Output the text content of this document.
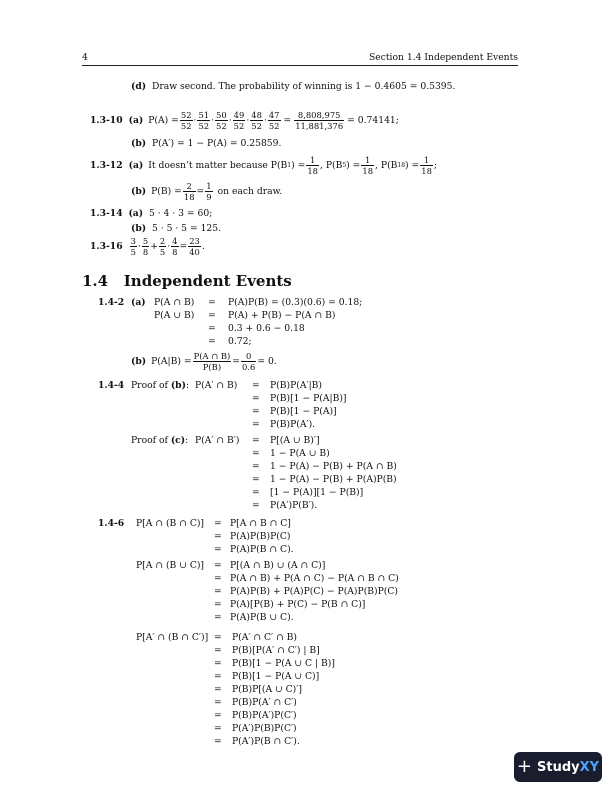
4	Section 1.4 Independent Events
(d) Draw second. The probability of winning is 1 − 0.4605 = 0.5395.
1.3-10 (a) $P(A) = \frac{52}{52} \cdot \frac{51}{52} \cdot \frac{50}{52} \cdot \frac{49}{52} \cdot \frac{48}{52} \cdot \frac{47}{52} = \frac{8,808,975}{11,881,376} = 0.74141$;
(b) P(A′) = 1 − P(A) = 0.25859.
1.3-12 (a) It doesn’t matter because P(B 1 ) = $\frac{1}{18}$ , P(B 5 ) = $\frac{1}{18}$ , P(B 18 ) = $\frac{1}{18}$ ;
(b) $P(B) = \frac{2}{18} = \frac{1}{9}$ on each draw.
1.3-14 (a) 5 · 4 · 3 = 60;
(b) 5 · 5 · 5 = 125.
$1.3-16 \frac{3}{5} \cdot \frac{5}{8} + \frac{2}{5} \cdot \frac{4}{8} = \frac{23}{40}$ .
1.4 Independent Events
1.4-2 (a) P(A ∩ B) = P(A)P(B) = (0.3)(0.6) = 0.18;
P(A ∪ B) = P(A) + P(B) − P(A ∩ B)
= 0.3 + 0.6 − 0.18
= 0.72;
(b) $P(A|B) = \frac{P(A \cap B)}{P(B)} = \frac{0}{0.6} = 0$.
1.4-4 Proof of (b): P(A′ ∩ B) = P(B)P(A′|B)
= P(B)[1 − P(A|B)]
= P(B)[1 − P(A)]
= P(B)P(A′).
Proof of (c): P(A′ ∩ B′) = P[(A ∪ B)′]
= 1 − P(A ∪ B)
= 1 − P(A) − P(B) + P(A ∩ B)
= 1 − P(A) − P(B) + P(A)P(B)
= [1 − P(A)][1 − P(B)]
= P(A′)P(B′).
1.4-6 P[A ∩ (B ∩ C)] = P[A ∩ B ∩ C]
= P(A)P(B)P(C)
= P(A)P(B ∩ C).
P[A ∩ (B ∪ C)] = P[(A ∩ B) ∪ (A ∩ C)]
= P(A ∩ B) + P(A ∩ C) − P(A ∩ B ∩ C)
= P(A)P(B) + P(A)P(C) − P(A)P(B)P(C)
= P(A)[P(B) + P(C) − P(B ∩ C)]
= P(A)P(B ∪ C).
P[A′ ∩ (B ∩ C′)] = P(A′ ∩ C′ ∩ B)
= P(B)[P(A′ ∩ C′) | B]
= P(B)[1 − P(A ∪ C | B)]
= P(B)[1 − P(A ∪ C)]
= P(B)P[(A ∪ C)′]
= P(B)P(A′ ∩ C′)
= P(B)P(A′)P(C′)
= P(A′)P(B)P(C′)
= P(A′)P(B ∩ C′).
+ StudyXY
